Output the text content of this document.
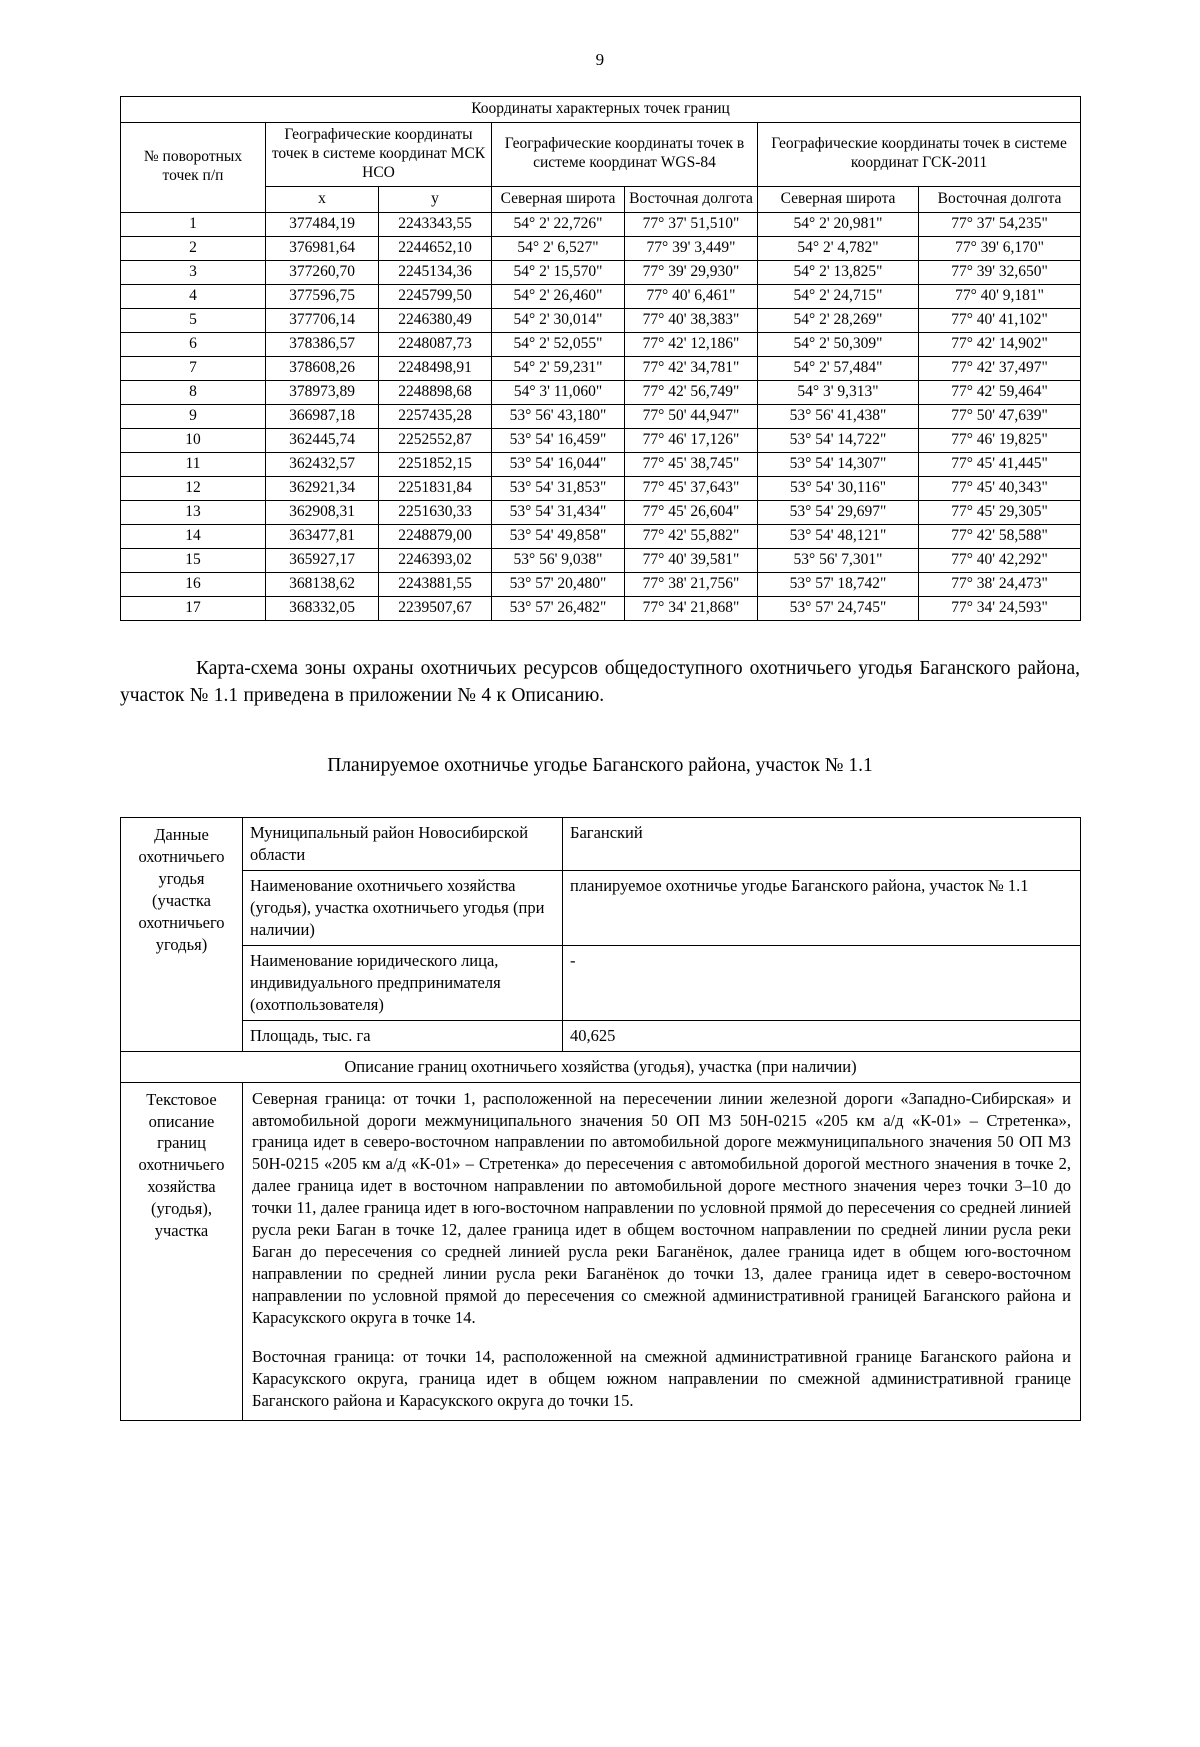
9
Координаты характерных точек границ						
№ поворотных точек п/п	Географические координаты точек в системе координат МСК НСО		Географические координаты точек в системе координат WGS-84		Географические координаты точек в системе координат ГСК-2011	
	х	у	Северная широта	Восточная долгота	Северная широта	Восточная долгота
1	377484,19	2243343,55	54° 2' 22,726"	77° 37' 51,510"	54° 2' 20,981"	77° 37' 54,235"
2	376981,64	2244652,10	54° 2' 6,527"	77° 39' 3,449"	54° 2' 4,782"	77° 39' 6,170"
3	377260,70	2245134,36	54° 2' 15,570"	77° 39' 29,930"	54° 2' 13,825"	77° 39' 32,650"
4	377596,75	2245799,50	54° 2' 26,460"	77° 40' 6,461"	54° 2' 24,715"	77° 40' 9,181"
5	377706,14	2246380,49	54° 2' 30,014"	77° 40' 38,383"	54° 2' 28,269"	77° 40' 41,102"
6	378386,57	2248087,73	54° 2' 52,055"	77° 42' 12,186"	54° 2' 50,309"	77° 42' 14,902"
7	378608,26	2248498,91	54° 2' 59,231"	77° 42' 34,781"	54° 2' 57,484"	77° 42' 37,497"
8	378973,89	2248898,68	54° 3' 11,060"	77° 42' 56,749"	54° 3' 9,313"	77° 42' 59,464"
9	366987,18	2257435,28	53° 56' 43,180"	77° 50' 44,947"	53° 56' 41,438"	77° 50' 47,639"
10	362445,74	2252552,87	53° 54' 16,459"	77° 46' 17,126"	53° 54' 14,722"	77° 46' 19,825"
11	362432,57	2251852,15	53° 54' 16,044"	77° 45' 38,745"	53° 54' 14,307"	77° 45' 41,445"
12	362921,34	2251831,84	53° 54' 31,853"	77° 45' 37,643"	53° 54' 30,116"	77° 45' 40,343"
13	362908,31	2251630,33	53° 54' 31,434"	77° 45' 26,604"	53° 54' 29,697"	77° 45' 29,305"
14	363477,81	2248879,00	53° 54' 49,858"	77° 42' 55,882"	53° 54' 48,121"	77° 42' 58,588"
15	365927,17	2246393,02	53° 56' 9,038"	77° 40' 39,581"	53° 56' 7,301"	77° 40' 42,292"
16	368138,62	2243881,55	53° 57' 20,480"	77° 38' 21,756"	53° 57' 18,742"	77° 38' 24,473"
17	368332,05	2239507,67	53° 57' 26,482"	77° 34' 21,868"	53° 57' 24,745"	77° 34' 24,593"

Карта-схема зоны охраны охотничьих ресурсов общедоступного охотничьего угодья Баганского района, участок № 1.1 приведена в приложении № 4 к Описанию.

Планируемое охотничье угодье Баганского района, участок № 1.1
Данные охотничьего угодья (участка охотничьего угодья)	Муниципальный район Новосибирской области	Баганский
	Наименование охотничьего хозяйства (угодья), участка охотничьего угодья (при наличии)	планируемое охотничье угодье Баганского района, участок № 1.1
	Наименование юридического лица, индивидуального предпринимателя (охотпользователя)	-
	Площадь, тыс. га	40,625
Описание границ охотничьего хозяйства (угодья), участка (при наличии)		
Текстовое описание границ охотничьего хозяйства (угодья), участка	Северная граница: от точки 1, расположенной на пересечении линии железной дороги «Западно-Сибирская» и автомобильной дороги межмуниципального значения 50 ОП МЗ 50Н-0215 «205 км а/д «К-01» – Стретенка», граница идет в северо-восточном направлении по автомобильной дороге межмуниципального значения 50 ОП МЗ 50Н-0215 «205 км а/д «К-01» – Стретенка» до пересечения с автомобильной дорогой местного значения в точке 2, далее граница идет в восточном направлении по автомобильной дороге местного значения через точки 3–10 до точки 11, далее граница идет в юго-восточном направлении по условной прямой до пересечения со средней линией русла реки Баган в точке 12, далее граница идет в общем восточном направлении по средней линии русла реки Баган до пересечения со средней линией русла реки Баганёнок, далее граница идет в общем юго-восточном направлении по средней линии русла реки Баганёнок до точки 13, далее граница идет в северо-восточном направлении по условной прямой до пересечения со смежной административной границей Баганского района и Карасукского округа в точке 14.

Восточная граница: от точки 14, расположенной на смежной административной границе Баганского района и Карасукского округа, граница идет в общем южном направлении по смежной административной границе Баганского района и Карасукского округа до точки 15.	
